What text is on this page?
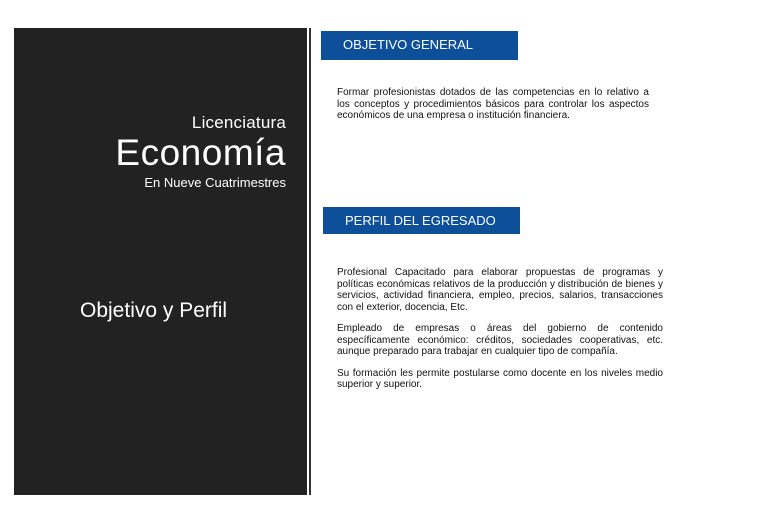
Licenciatura
Economía
En Nueve Cuatrimestres
Objetivo y Perfil
OBJETIVO GENERAL

Formar profesionistas dotados de las competencias en lo relativo a los conceptos y procedimientos básicos para controlar los aspectos económicos de una empresa o institución financiera.

PERFIL DEL EGRESADO

Profesional Capacitado para elaborar propuestas de programas y políticas económicas relativos de la producción y distribución de bienes y servicios, actividad financiera, empleo, precios, salarios, transacciones con el exterior, docencia, Etc.

Empleado de empresas o áreas del gobierno de contenido específicamente económico: créditos, sociedades cooperativas, etc. aunque preparado para trabajar en cualquier tipo de compañía.

Su formación les permite postularse como docente en los niveles medio superior y superior.
